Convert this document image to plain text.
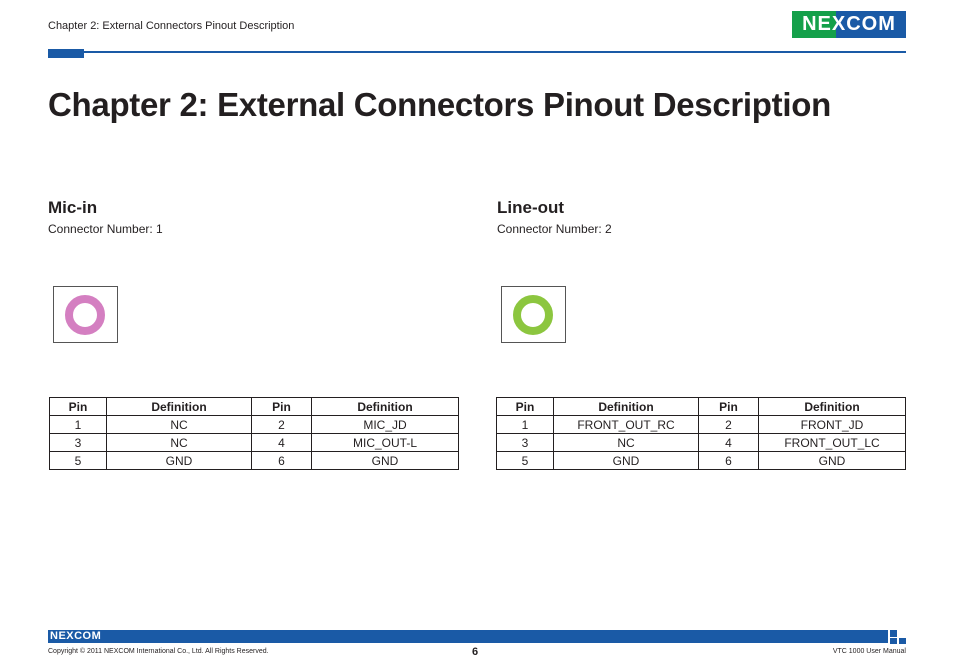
Chapter 2: External Connectors Pinout Description	NEXCOM
Chapter 2: External Connectors Pinout Description
Mic-in
Connector Number: 1
Pin	Definition	Pin	Definition
1	NC	2	MIC_JD
3	NC	4	MIC_OUT-L
5	GND	6	GND
Line-out
Connector Number: 2
Pin	Definition	Pin	Definition
1	FRONT_OUT_RC	2	FRONT_JD
3	NC	4	FRONT_OUT_LC
5	GND	6	GND
NEXCOM
Copyright © 2011 NEXCOM International Co., Ltd. All Rights Reserved.	6	VTC 1000 User Manual
